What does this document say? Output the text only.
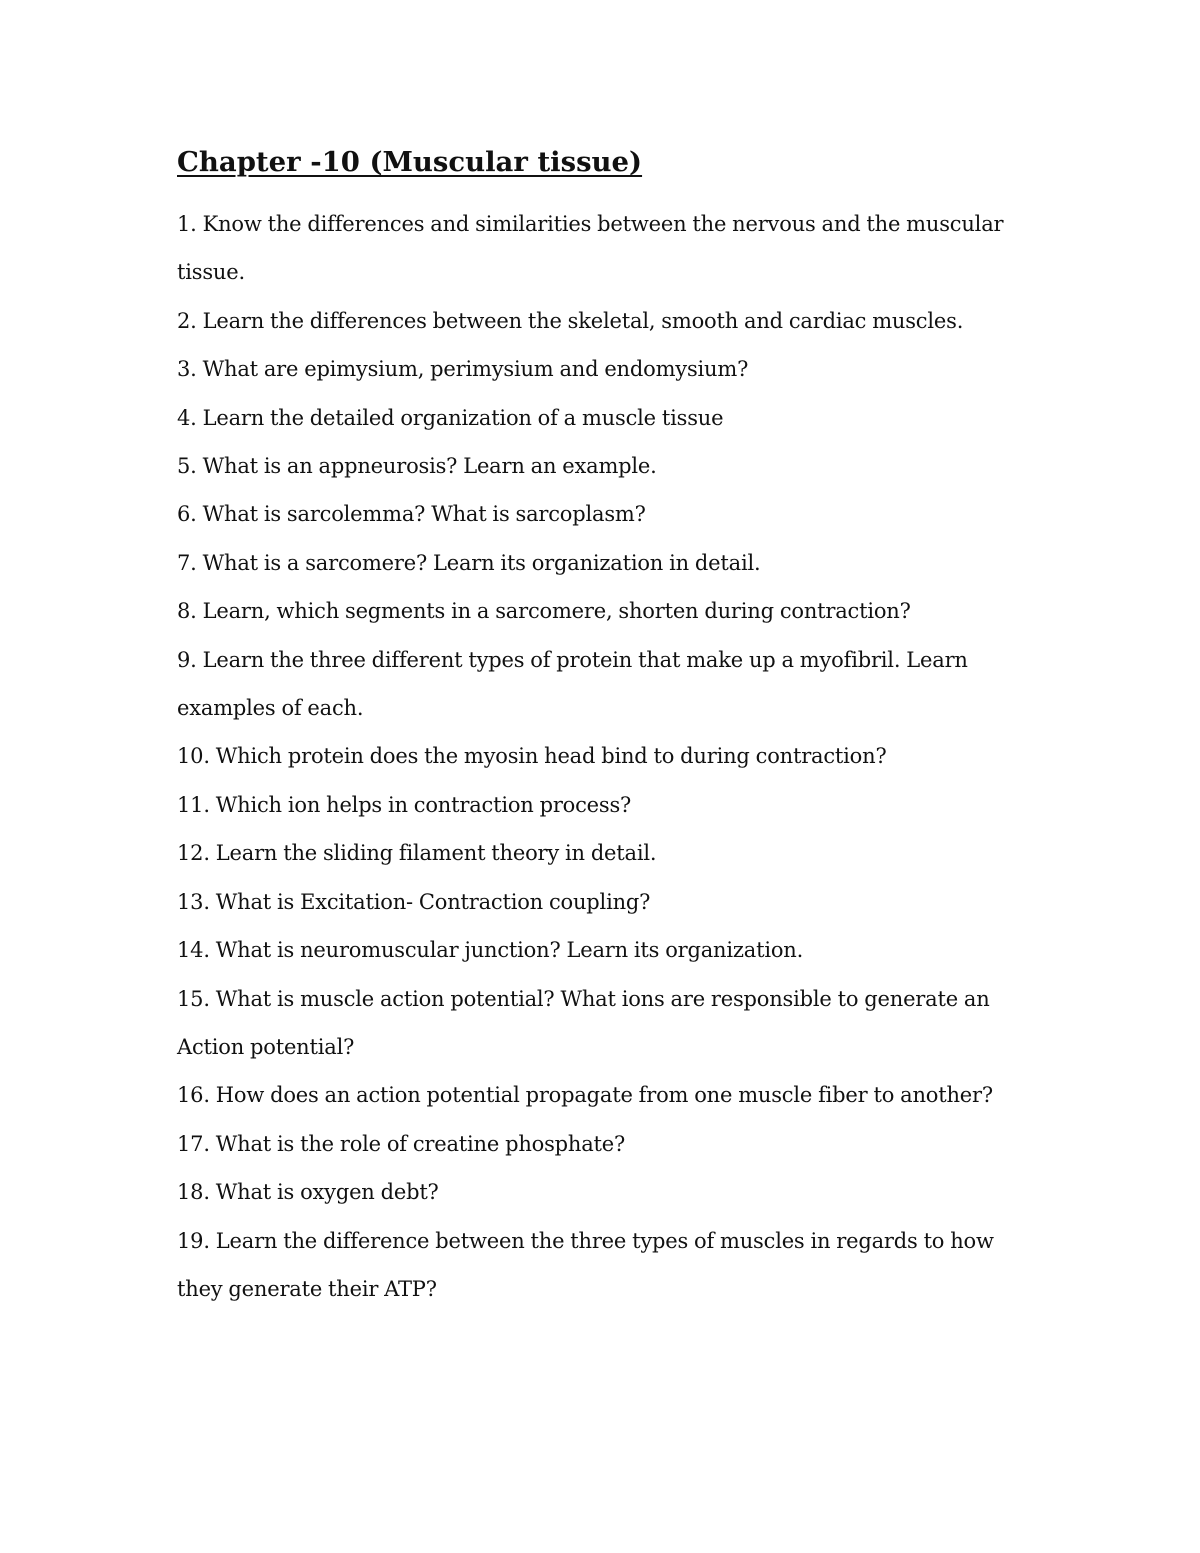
Chapter -10 (Muscular tissue)
1. Know the differences and similarities between the nervous and the muscular tissue.
2. Learn the differences between the skeletal, smooth and cardiac muscles.
3. What are epimysium, perimysium and endomysium?
4. Learn the detailed organization of a muscle tissue
5. What is an appneurosis? Learn an example.
6. What is sarcolemma? What is sarcoplasm?
7. What is a sarcomere? Learn its organization in detail.
8. Learn, which segments in a sarcomere, shorten during contraction?
9. Learn the three different types of protein that make up a myofibril. Learn examples of each.
10. Which protein does the myosin head bind to during contraction?
11. Which ion helps in contraction process?
12. Learn the sliding filament theory in detail.
13. What is Excitation- Contraction coupling?
14. What is neuromuscular junction? Learn its organization.
15. What is muscle action potential? What ions are responsible to generate an Action potential?
16. How does an action potential propagate from one muscle fiber to another?
17. What is the role of creatine phosphate?
18. What is oxygen debt?
19. Learn the difference between the three types of muscles in regards to how they generate their ATP?
